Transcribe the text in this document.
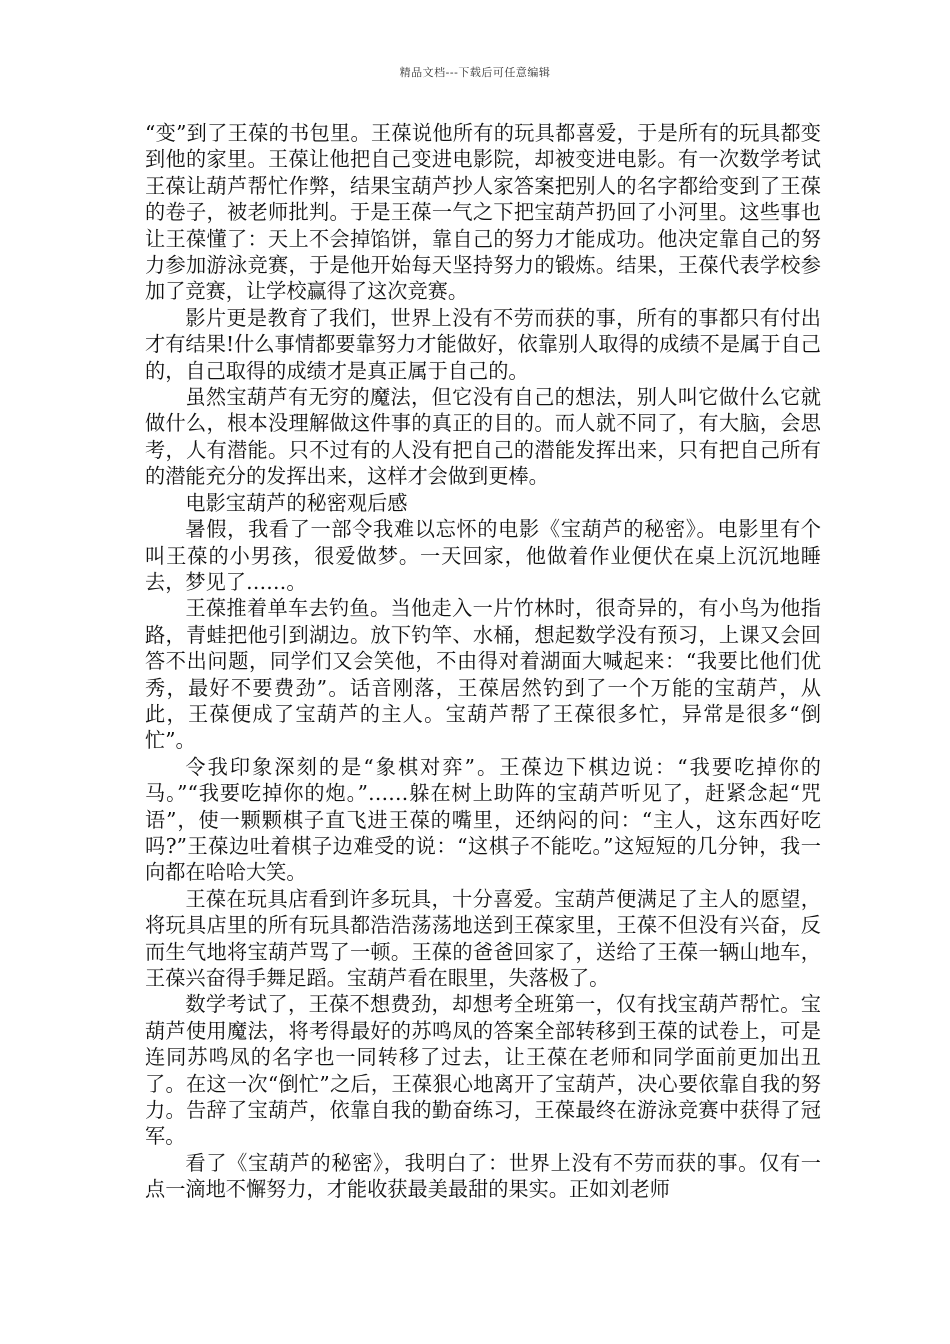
精品文档---下载后可任意编辑

“变”到了王葆的书包里。王葆说他所有的玩具都喜爱，于是所有的玩具都变到他的家里。王葆让他把自己变进电影院，却被变进电影。有一次数学考试王葆让葫芦帮忙作弊，结果宝葫芦抄人家答案把别人的名字都给变到了王葆的卷子，被老师批判。于是王葆一气之下把宝葫芦扔回了小河里。这些事也让王葆懂了：天上不会掉馅饼，靠自己的努力才能成功。他决定靠自己的努力参加游泳竞赛，于是他开始每天坚持努力的锻炼。结果，王葆代表学校参加了竞赛，让学校赢得了这次竞赛。

影片更是教育了我们，世界上没有不劳而获的事，所有的事都只有付出才有结果!什么事情都要靠努力才能做好，依靠别人取得的成绩不是属于自己的，自己取得的成绩才是真正属于自己的。

虽然宝葫芦有无穷的魔法，但它没有自己的想法，别人叫它做什么它就做什么，根本没理解做这件事的真正的目的。而人就不同了，有大脑，会思考，人有潜能。只不过有的人没有把自己的潜能发挥出来，只有把自己所有的潜能充分的发挥出来，这样才会做到更棒。

电影宝葫芦的秘密观后感

暑假，我看了一部令我难以忘怀的电影《宝葫芦的秘密》。电影里有个叫王葆的小男孩，很爱做梦。一天回家，他做着作业便伏在桌上沉沉地睡去，梦见了……。

王葆推着单车去钓鱼。当他走入一片竹林时，很奇异的，有小鸟为他指路，青蛙把他引到湖边。放下钓竿、水桶，想起数学没有预习，上课又会回答不出问题，同学们又会笑他，不由得对着湖面大喊起来：“我要比他们优秀，最好不要费劲”。话音刚落，王葆居然钓到了一个万能的宝葫芦，从此，王葆便成了宝葫芦的主人。宝葫芦帮了王葆很多忙，异常是很多“倒忙”。

令我印象深刻的是“象棋对弈”。王葆边下棋边说：“我要吃掉你的马。”“我要吃掉你的炮。”……躲在树上助阵的宝葫芦听见了，赶紧念起“咒语”，使一颗颗棋子直飞进王葆的嘴里，还纳闷的问：“主人，这东西好吃吗?”王葆边吐着棋子边难受的说：“这棋子不能吃。”这短短的几分钟，我一向都在哈哈大笑。

王葆在玩具店看到许多玩具，十分喜爱。宝葫芦便满足了主人的愿望，将玩具店里的所有玩具都浩浩荡荡地送到王葆家里，王葆不但没有兴奋，反而生气地将宝葫芦骂了一顿。王葆的爸爸回家了，送给了王葆一辆山地车，王葆兴奋得手舞足蹈。宝葫芦看在眼里，失落极了。

数学考试了，王葆不想费劲，却想考全班第一，仅有找宝葫芦帮忙。宝葫芦使用魔法，将考得最好的苏鸣凤的答案全部转移到王葆的试卷上，可是连同苏鸣凤的名字也一同转移了过去，让王葆在老师和同学面前更加出丑了。在这一次“倒忙”之后，王葆狠心地离开了宝葫芦，决心要依靠自我的努力。告辞了宝葫芦，依靠自我的勤奋练习，王葆最终在游泳竞赛中获得了冠军。

看了《宝葫芦的秘密》，我明白了：世界上没有不劳而获的事。仅有一点一滴地不懈努力，才能收获最美最甜的果实。正如刘老师
